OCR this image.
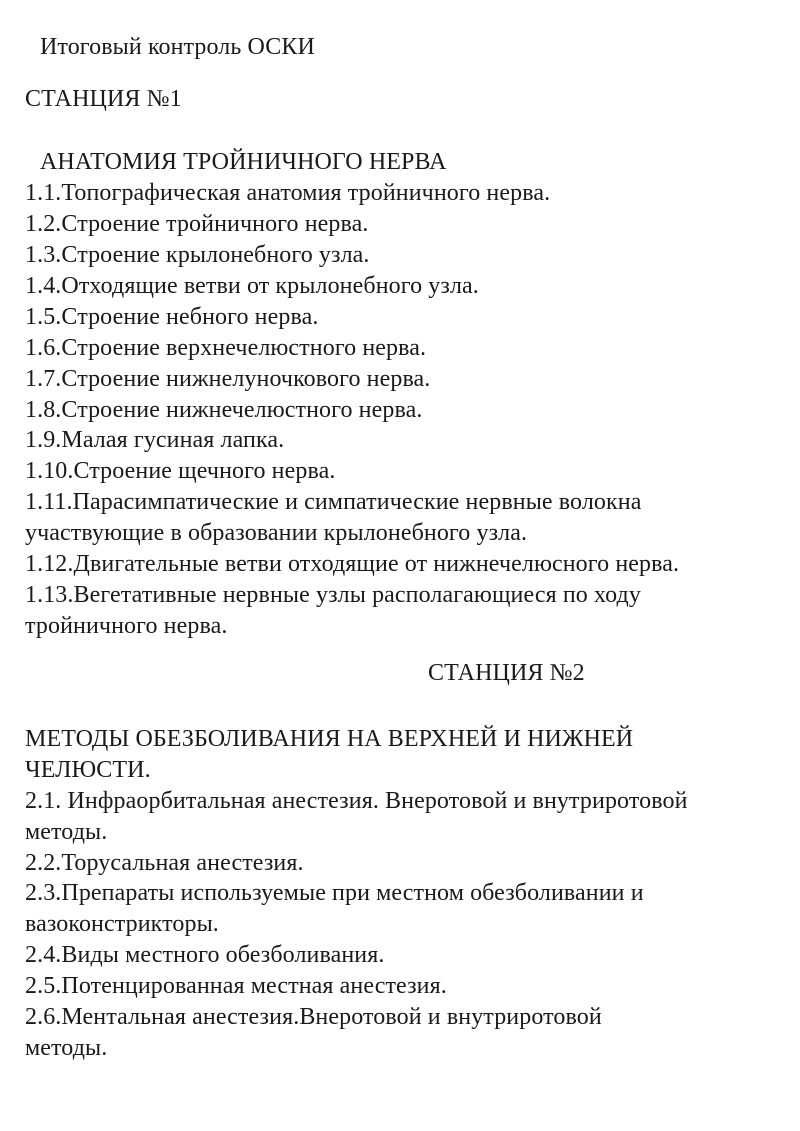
Итоговый контроль ОСКИ
СТАНЦИЯ №1
АНАТОМИЯ ТРОЙНИЧНОГО НЕРВА
1.1.Топографическая анатомия тройничного нерва.
1.2.Строение тройничного нерва.
1.3.Строение крылонебного узла.
1.4.Отходящие ветви от крылонебного узла.
1.5.Строение небного нерва.
1.6.Строение верхнечелюстного нерва.
1.7.Строение нижнелуночкового нерва.
1.8.Строение нижнечелюстного нерва.
1.9.Малая гусиная лапка.
1.10.Строение щечного нерва.
1.11.Парасимпатические и симпатические нервные волокна
участвующие в образовании крылонебного узла.
1.12.Двигательные ветви отходящие от нижнечелюсного нерва.
1.13.Вегетативные нервные узлы располагающиеся по ходу
тройничного нерва.
СТАНЦИЯ №2
МЕТОДЫ ОБЕЗБОЛИВАНИЯ НА ВЕРХНЕЙ И НИЖНЕЙ
ЧЕЛЮСТИ.
2.1. Инфраорбитальная анестезия. Внеротовой и внутриротовой
методы.
2.2.Торусальная анестезия.
2.3.Препараты используемые при местном обезболивании и
вазоконстрикторы.
2.4.Виды местного обезболивания.
2.5.Потенцированная местная анестезия.
2.6.Ментальная анестезия.Внеротовой и внутриротовой
методы.
